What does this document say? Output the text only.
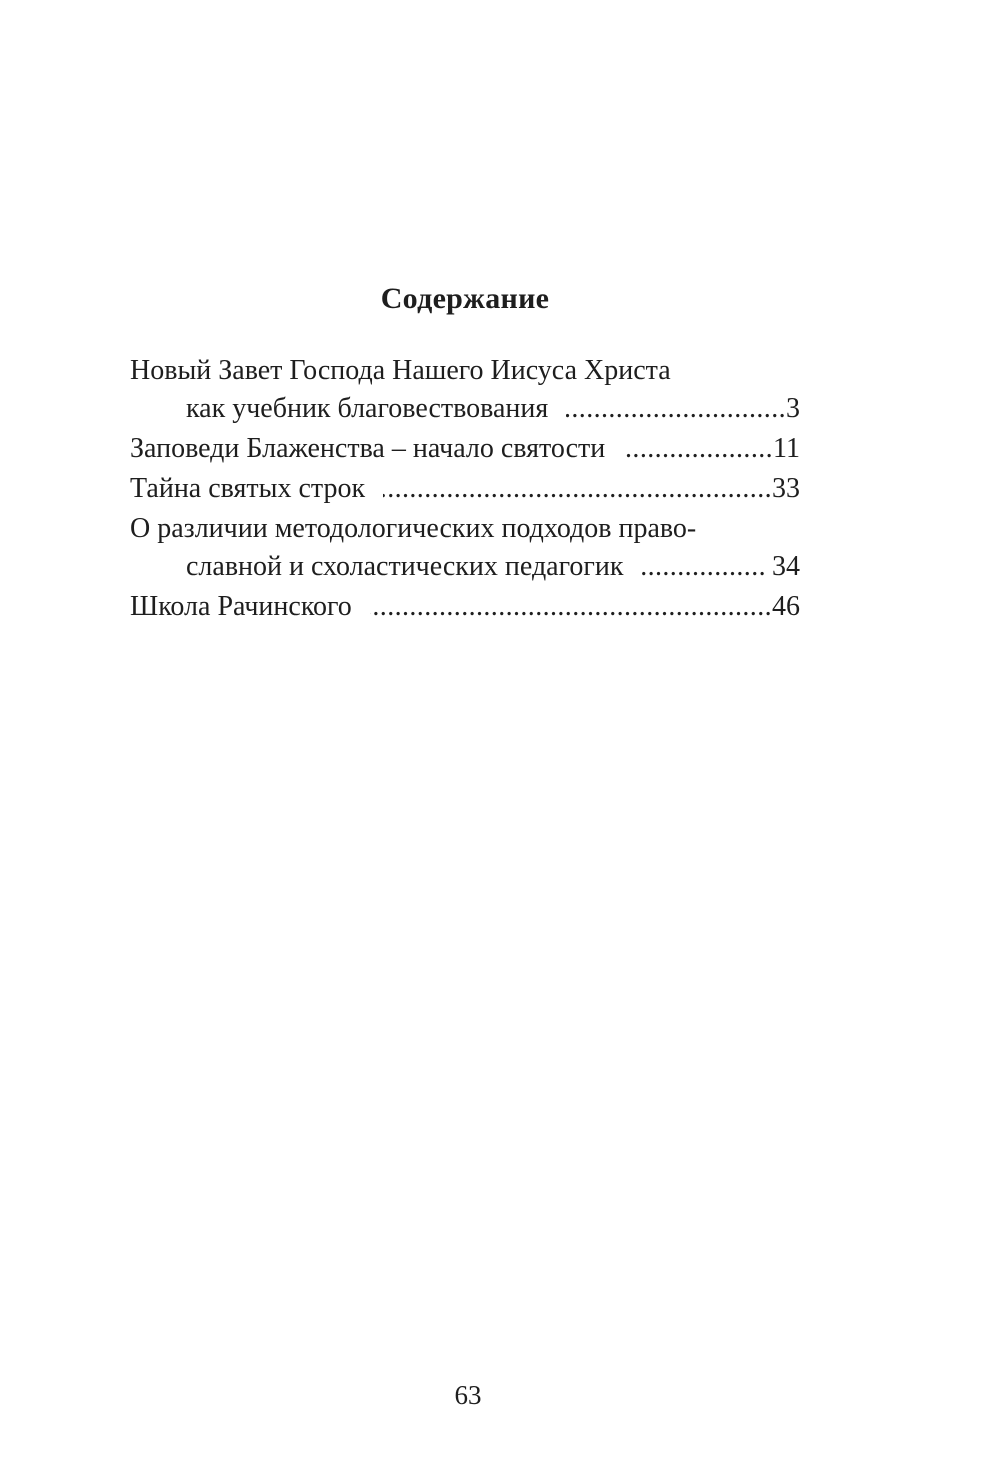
Содержание
Новый Завет Господа Нашего Иисуса Христа
как учебник благовествования .....	3
Заповеди Блаженства – начало святости .....	11
Тайна святых строк .....	33
О различии методологических подходов право-
славной и схоластических педагогик .....	34
Школа Рачинского .....	46
63
